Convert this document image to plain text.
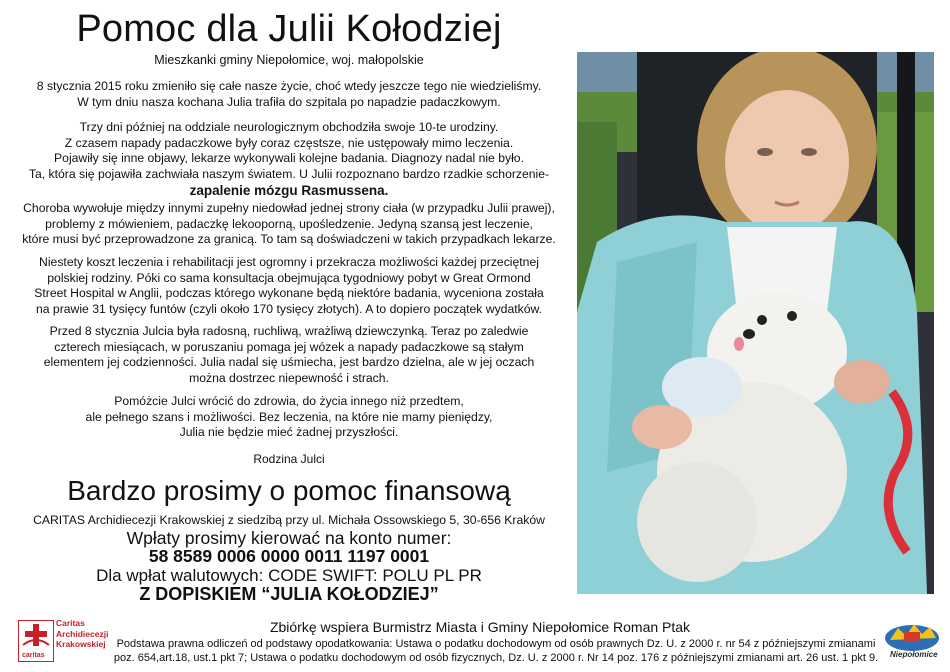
Pomoc dla Julii Kołodziej
Mieszkanki gminy Niepołomice, woj. małopolskie
8 stycznia 2015 roku zmieniło się całe nasze życie, choć wtedy jeszcze tego nie wiedzieliśmy.
W tym dniu nasza kochana Julia trafiła do szpitala po napadzie padaczkowym.
Trzy dni później na oddziale neurologicznym obchodziła swoje 10-te urodziny.
Z czasem napady padaczkowe były coraz częstsze, nie ustępowały mimo leczenia.
Pojawiły się inne objawy, lekarze wykonywali kolejne badania. Diagnozy nadal nie było.
Ta, która się pojawiła zachwiała naszym światem. U Julii rozpoznano bardzo rzadkie schorzenie-
zapalenie mózgu Rasmussena.
Choroba wywołuje między innymi zupełny niedowład jednej strony ciała (w przypadku Julii prawej),
problemy z mówieniem, padaczkę lekooporną, upośledzenie. Jedyną szansą jest leczenie,
które musi być przeprowadzone za granicą. To tam są doświadczeni w takich przypadkach lekarze.
Niestety koszt leczenia i rehabilitacji jest ogromny i przekracza możliwości każdej przeciętnej
polskiej rodziny. Póki co sama konsultacja obejmująca tygodniowy pobyt w Great Ormond
Street Hospital w Anglii, podczas którego wykonane będą niektóre badania, wyceniona została
na prawie 31 tysięcy funtów (czyli około 170 tysięcy złotych). A to dopiero początek wydatków.
Przed 8 stycznia Julcia była radosną, ruchliwą, wrażliwą dziewczynką. Teraz po zaledwie
czterech miesiącach, w poruszaniu pomaga jej wózek a napady padaczkowe są stałym
elementem jej codzienności. Julia nadal się uśmiecha, jest bardzo dzielna, ale w jej oczach
można dostrzec niepewność i strach.
Pomóżcie Julci wrócić do zdrowia, do życia innego niż przedtem,
ale pełnego szans i możliwości. Bez leczenia, na które nie mamy pieniędzy,
Julia nie będzie mieć żadnej przyszłości.
Rodzina Julci
Bardzo prosimy o pomoc finansową
CARITAS Archidiecezji Krakowskiej z siedzibą przy ul. Michała Ossowskiego 5, 30-656 Kraków
Wpłaty prosimy kierować na konto numer:
58 8589 0006 0000 0011 1197 0001
Dla wpłat walutowych: CODE SWIFT: POLU PL PR
Z DOPISKIEM “JULIA KOŁODZIEJ”
Zbiórkę wspiera Burmistrz Miasta i Gminy Niepołomice Roman Ptak
Podstawa prawna odliczeń od podstawy opodatkowania: Ustawa o podatku dochodowym od osób prawnych Dz. U. z 2000 r. nr 54 z późniejszymi zmianami
poz. 654,art.18, ust.1 pkt 7; Ustawa o podatku dochodowym od osób fizycznych, Dz. U. z 2000 r. Nr 14 poz. 176 z późniejszymi zmianami art. 26 ust. 1 pkt 9.
caritas
Caritas
Archidiecezji
Krakowskiej
Niepołomice
